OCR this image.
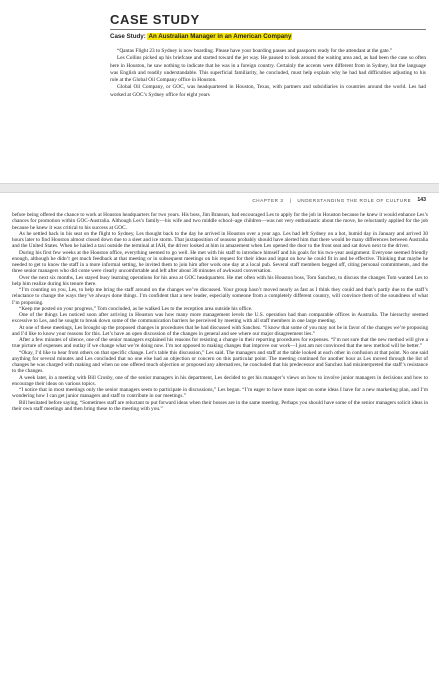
CASE STUDY
Case Study: An Australian Manager in an American Company

“Qantas Flight 23 to Sydney is now boarding. Please have your boarding passes and passports ready for the attendant at the gate.”

Les Collins picked up his briefcase and started toward the jet way. He paused to look around the waiting area and, as had been the case so often here in Houston, he saw nothing to indicate that he was in a foreign country. Certainly the accents were different from in Sydney, but the language was English and readily understandable. This superficial familiarity, he concluded, must help explain why he had had difficulties adjusting to his role at the Global Oil Company office in Houston.

Global Oil Company, or GOC, was headquartered in Houston, Texas, with partners and subsidiaries in countries around the world. Les had worked at GOC’s Sydney office for eight years

CHAPTER 3 | UNDERSTANDING THE ROLE OF CULTURE 143

before being offered the chance to work at Houston headquarters for two years. His boss, Jim Branson, had encouraged Les to apply for the job in Houston because he knew it would enhance Les’s chances for promotion within GOC-Australia. Although Les’s family—his wife and two middle school–age children—was not very enthusiastic about the move, he reluctantly applied for the job because he knew it was critical to his success at GOC.

As he settled back in his seat on the flight to Sydney, Les thought back to the day he arrived in Houston over a year ago. Les had left Sydney on a hot, humid day in January and arrived 30 hours later to find Houston almost closed down due to a sleet and ice storm. That juxtaposition of seasons probably should have alerted him that there would be many differences between Australia and the United States. When he hailed a taxi outside the terminal at IAH, the driver looked at him in amazement when Les opened the door to the front seat and sat down next to the driver.

During his first few weeks at the Houston office, everything seemed to go well. He met with his staff to introduce himself and his goals for his two-year assignment. Everyone seemed friendly enough, although he didn’t get much feedback at that meeting or in subsequent meetings on his request for their ideas and input on how he could fit in and be effective. Thinking that maybe he needed to get to know the staff in a more informal setting, he invited them to join him after work one day at a local pub. Several staff members begged off, citing personal commitments, and the three senior managers who did come were clearly uncomfortable and left after about 30 minutes of awkward conversation.

Over the next six months, Les stayed busy learning operations for his area at GOC headquarters. He met often with his Houston boss, Tom Sanchez, to discuss the changes Tom wanted Les to help him realize during his tenure there.

“I’m counting on you, Les, to help me bring the staff around on the changes we’ve discussed. Your group hasn’t moved nearly as fast as I think they could and that’s partly due to the staff’s reluctance to change the ways they’ve always done things. I’m confident that a new leader, especially someone from a completely different country, will convince them of the soundness of what I’m proposing.

“Keep me posted on your progress,” Tom concluded, as he walked Les to the reception area outside his office.

One of the things Les noticed soon after arriving in Houston was how many more management levels the U.S. operation had than comparable offices in Australia. The hierarchy seemed excessive to Les, and he sought to break down some of the communication barriers he perceived by meeting with all staff members in one large meeting.

At one of these meetings, Les brought up the proposed changes in procedures that he had discussed with Sanchez. “I know that some of you may not be in favor of the changes we’re proposing and I’d like to know your reasons for this. Let’s have an open discussion of the changes in general and see where our major disagreement lies.”

After a few minutes of silence, one of the senior managers explained his reasons for resisting a change in their reporting procedures for expenses. “I’m not sure that the new method will give a true picture of expenses and outlay if we change what we’re doing now. I’m not opposed to making changes that improve our work—I just am not convinced that the new method will be better.”

“Okay, I’d like to hear from others on that specific change. Let’s table this discussion,” Les said. The managers and staff at the table looked at each other in confusion at that point. No one said anything for several minutes and Les concluded that no one else had an objection or concern on this particular point. The meeting continued for another hour as Les moved through the list of changes he was charged with making and when no one offered much objection or proposed any alternatives, he concluded that his predecessor and Sanchez had misinterpreted the staff’s resistance to the changes.

A week later, in a meeting with Bill Crosby, one of the senior managers in his department, Les decided to get his manager’s views on how to involve junior managers in decisions and how to encourage their ideas on various topics.

“I notice that in most meetings only the senior managers seem to participate in discussions,” Les began. “I’m eager to have more input on some ideas I have for a new marketing plan, and I’m wondering how I can get junior managers and staff to contribute in our meetings.”

Bill hesitated before saying, “Sometimes staff are reluctant to put forward ideas when their bosses are in the same meeting. Perhaps you should have some of the senior managers solicit ideas in their own staff meetings and then bring these to the meeting with you.”
